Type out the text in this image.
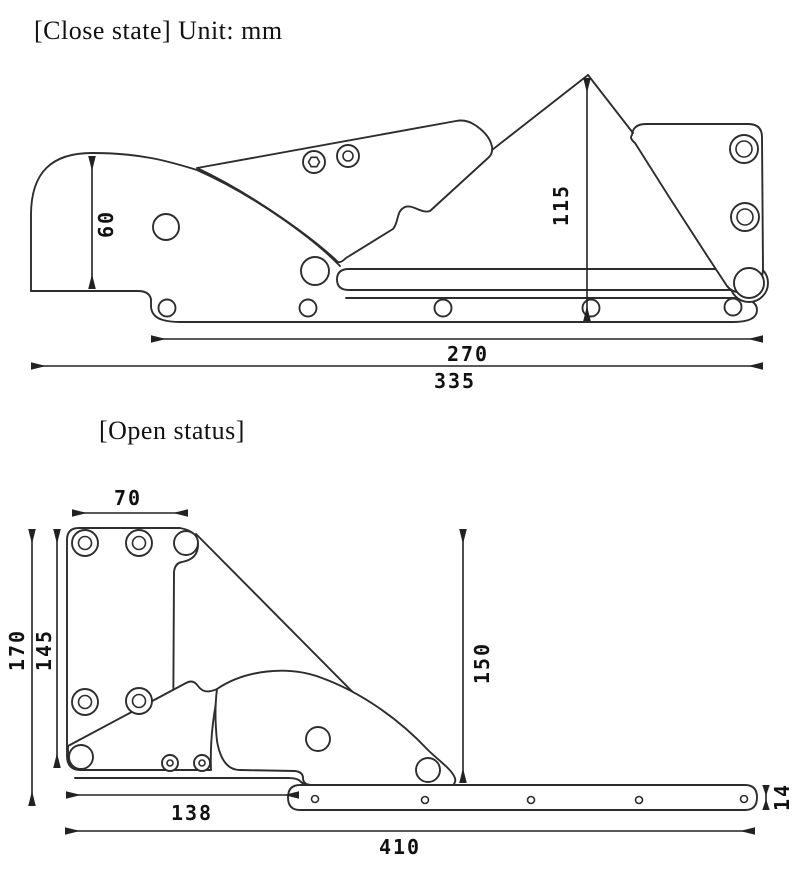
[Close state] Unit: mm
[Open status]
60	115
270
335
70
170 145	150
138
410
14
